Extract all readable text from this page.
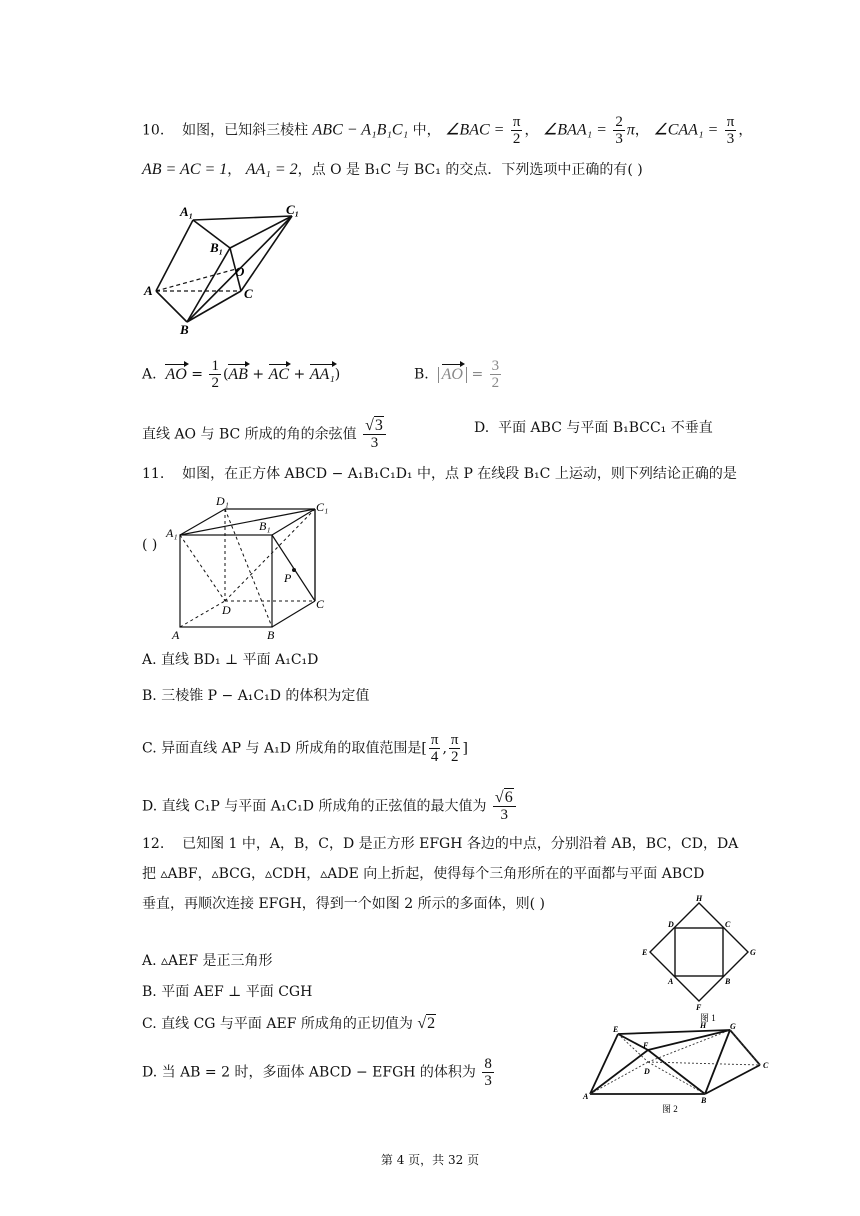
10. 如图，已知斜三棱柱 ABC − A₁B₁C₁ 中， ∠BAC = $\frac{\pi}{2}$ ， ∠BAA₁ = $\frac{2}{3}$ π， ∠CAA₁ = $\frac{\pi}{3}$ ，
AB = AC = 1， AA₁ = 2，点 O 是 B₁C 与 BC₁ 的交点．下列选项中正确的有( )
A₁	C₁
B₁
O
A	C
B
A. AO = $\frac{1}{2} (AB$ + AC + AA₁)	B. AO = $\frac{3}{2}$
直线 AO 与 BC 所成的角的余弦值 $\frac{√3}{3}$	D. 平面 ABC 与平面 B₁BCC₁ 不垂直
11. 如图，在正方体 ABCD − A₁B₁C₁D₁ 中，点 P 在线段 B₁C 上运动，则下列结论正确的是
( )
D₁	C₁
A₁	B₁
P
D	C
A	B
A. 直线 BD₁ ⊥ 平面 A₁C₁D
B. 三棱锥 P − A₁C₁D 的体积为定值
C. 异面直线 AP 与 A₁D 所成角的取值范围是[ $\frac{\pi}{4}$ , $\frac{\pi}{2}$ ]
D. 直线 C₁P 与平面 A₁C₁D 所成角的正弦值的最大值为 $\frac{√6}{3}$
12. 已知图 1 中，A，B，C，D 是正方形 EFGH 各边的中点，分别沿着 AB，BC，CD，DA
把 ▵ABF，▵BCG，▵CDH，▵ADE 向上折起，使得每个三角形所在的平面都与平面 ABCD
垂直，再顺次连接 EFGH，得到一个如图 2 所示的多面体，则( )
A. ▵AEF 是正三角形
B. 平面 AEF ⊥ 平面 CGH
C. 直线 CG 与平面 AEF 所成角的正切值为 √2
D. 当 AB = 2 时，多面体 ABCD − EFGH 的体积为 $\frac{8}{3}$
H
D	C
E	G
A	B
F
图 1
E	G
F
H
D
A	B
C
图 2
第 4 页，共 32 页
